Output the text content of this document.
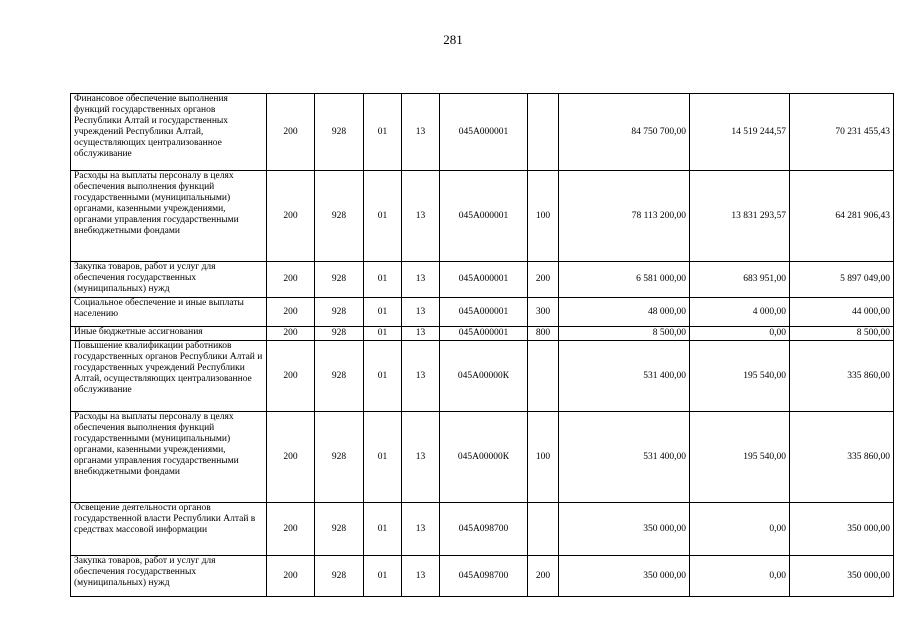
281
Финансовое обеспечение выполнения функций государственных органов Республики Алтай и государственных учреждений Республики Алтай, осуществляющих централизованное обслуживание	200	928	01	13	045А000001		84 750 700,00	14 519 244,57	70 231 455,43
Расходы на выплаты персоналу в целях обеспечения выполнения функций государственными (муниципальными) органами, казенными учреждениями, органами управления государственными внебюджетными фондами	200	928	01	13	045А000001	100	78 113 200,00	13 831 293,57	64 281 906,43
Закупка товаров, работ и услуг для обеспечения государственных (муниципальных) нужд	200	928	01	13	045А000001	200	6 581 000,00	683 951,00	5 897 049,00
Социальное обеспечение и иные выплаты населению	200	928	01	13	045А000001	300	48 000,00	4 000,00	44 000,00
Иные бюджетные ассигнования	200	928	01	13	045А000001	800	8 500,00	0,00	8 500,00
Повышение квалификации работников государственных органов Республики Алтай и государственных учреждений Республики Алтай, осуществляющих централизованное обслуживание	200	928	01	13	045А00000К		531 400,00	195 540,00	335 860,00
Расходы на выплаты персоналу в целях обеспечения выполнения функций государственными (муниципальными) органами, казенными учреждениями, органами управления государственными внебюджетными фондами	200	928	01	13	045А00000К	100	531 400,00	195 540,00	335 860,00
Освещение деятельности органов государственной власти Республики Алтай в средствах массовой информации	200	928	01	13	045А098700		350 000,00	0,00	350 000,00
Закупка товаров, работ и услуг для обеспечения государственных (муниципальных) нужд	200	928	01	13	045А098700	200	350 000,00	0,00	350 000,00
